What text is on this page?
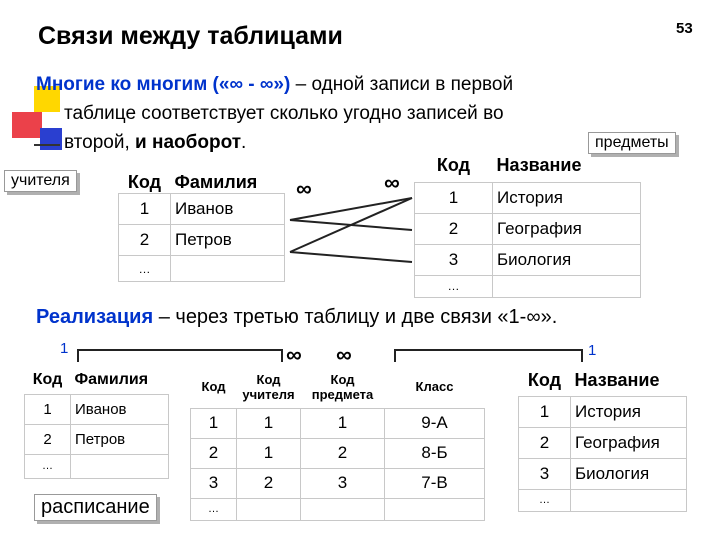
Связи между таблицами	53
Многие ко многим («∞ - ∞») – одной записи в первой
таблице соответствует сколько угодно записей во
второй, и наоборот.
учителя
предметы
расписание
Код	Фамилия
1	Иванов
2	Петров
…	
Код	Название
1	История
2	География
3	Биология
…	
∞	∞
Реализация – через третью таблицу и две связи «1-∞».
1	1
∞ ∞
Код	Фамилия
1	Иванов
2	Петров
…	
Код	Код учителя	Код предмета	Класс
1	1	1	9-А
2	1	2	8-Б
3	2	3	7-В
…			
Код	Название
1	История
2	География
3	Биология
…	
